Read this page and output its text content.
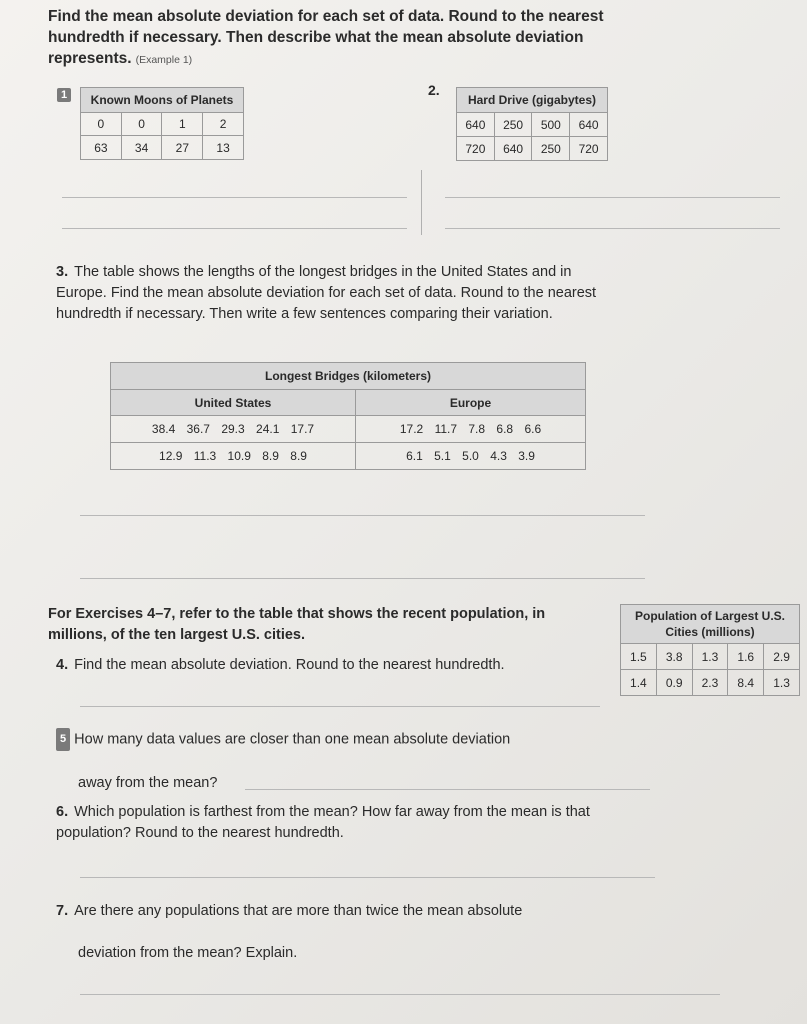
Find the mean absolute deviation for each set of data. Round to the nearest hundredth if necessary. Then describe what the mean absolute deviation represents. (Example 1)
1	Known Moons of Planets			
0	0	1	2
63	34	27	13
2.
Hard Drive (gigabytes)			
640	250	500	640
720	640	250	720
3. The table shows the lengths of the longest bridges in the United States and in Europe. Find the mean absolute deviation for each set of data. Round to the nearest hundredth if necessary. Then write a few sentences comparing their variation.
Longest Bridges (kilometers)	
United States	Europe
38.4 36.7 29.3 24.1 17.7	17.2 11.7 7.8 6.8 6.6
12.9 11.3 10.9 8.9 8.9	6.1 5.1 5.0 4.3 3.9
For Exercises 4–7, refer to the table that shows the recent population, in millions, of the ten largest U.S. cities.
Population of Largest U.S. Cities (millions)				
1.5	3.8	1.3	1.6	2.9
1.4	0.9	2.3	8.4	1.3
4. Find the mean absolute deviation. Round to the nearest hundredth.
5 How many data values are closer than one mean absolute deviation
away from the mean?
6. Which population is farthest from the mean? How far away from the mean is that population? Round to the nearest hundredth.
7. Are there any populations that are more than twice the mean absolute
deviation from the mean? Explain.
